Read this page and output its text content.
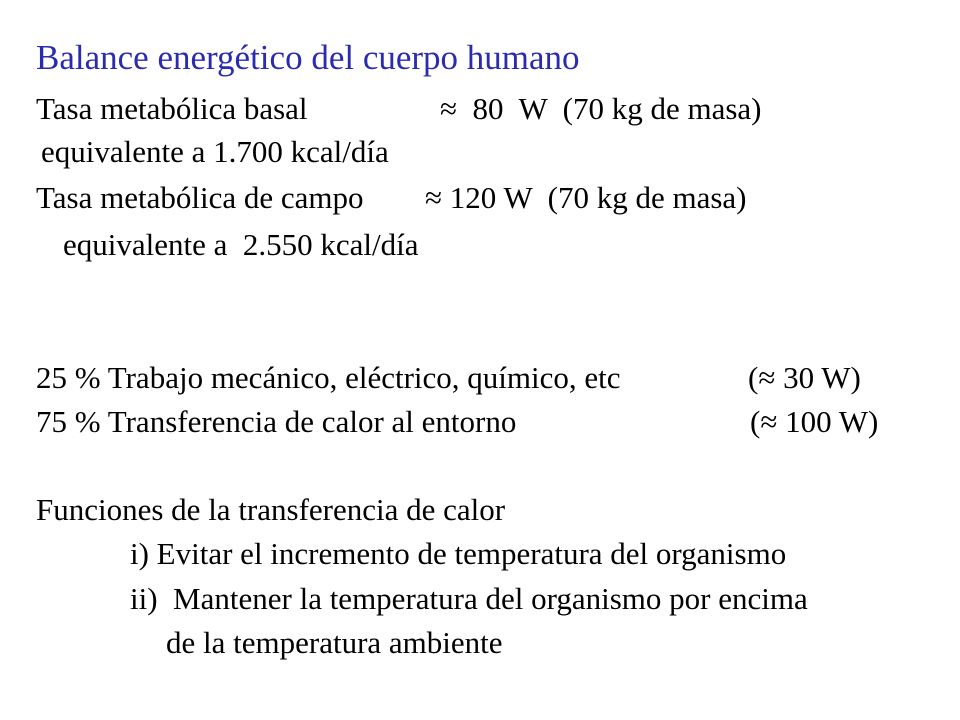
Balance energético del cuerpo humano
Tasa metabólica basal	≈  80  W  (70 kg de masa)
equivalente a 1.700 kcal/día
Tasa metabólica de campo ≈ 120 W  (70 kg de masa)
equivalente a  2.550 kcal/día
25 % Trabajo mecánico, eléctrico, químico, etc	(≈ 30 W)
75 % Transferencia de calor al entorno	(≈ 100 W)
Funciones de la transferencia de calor
i) Evitar el incremento de temperatura del organismo
ii)  Mantener la temperatura del organismo por encima
de la temperatura ambiente
